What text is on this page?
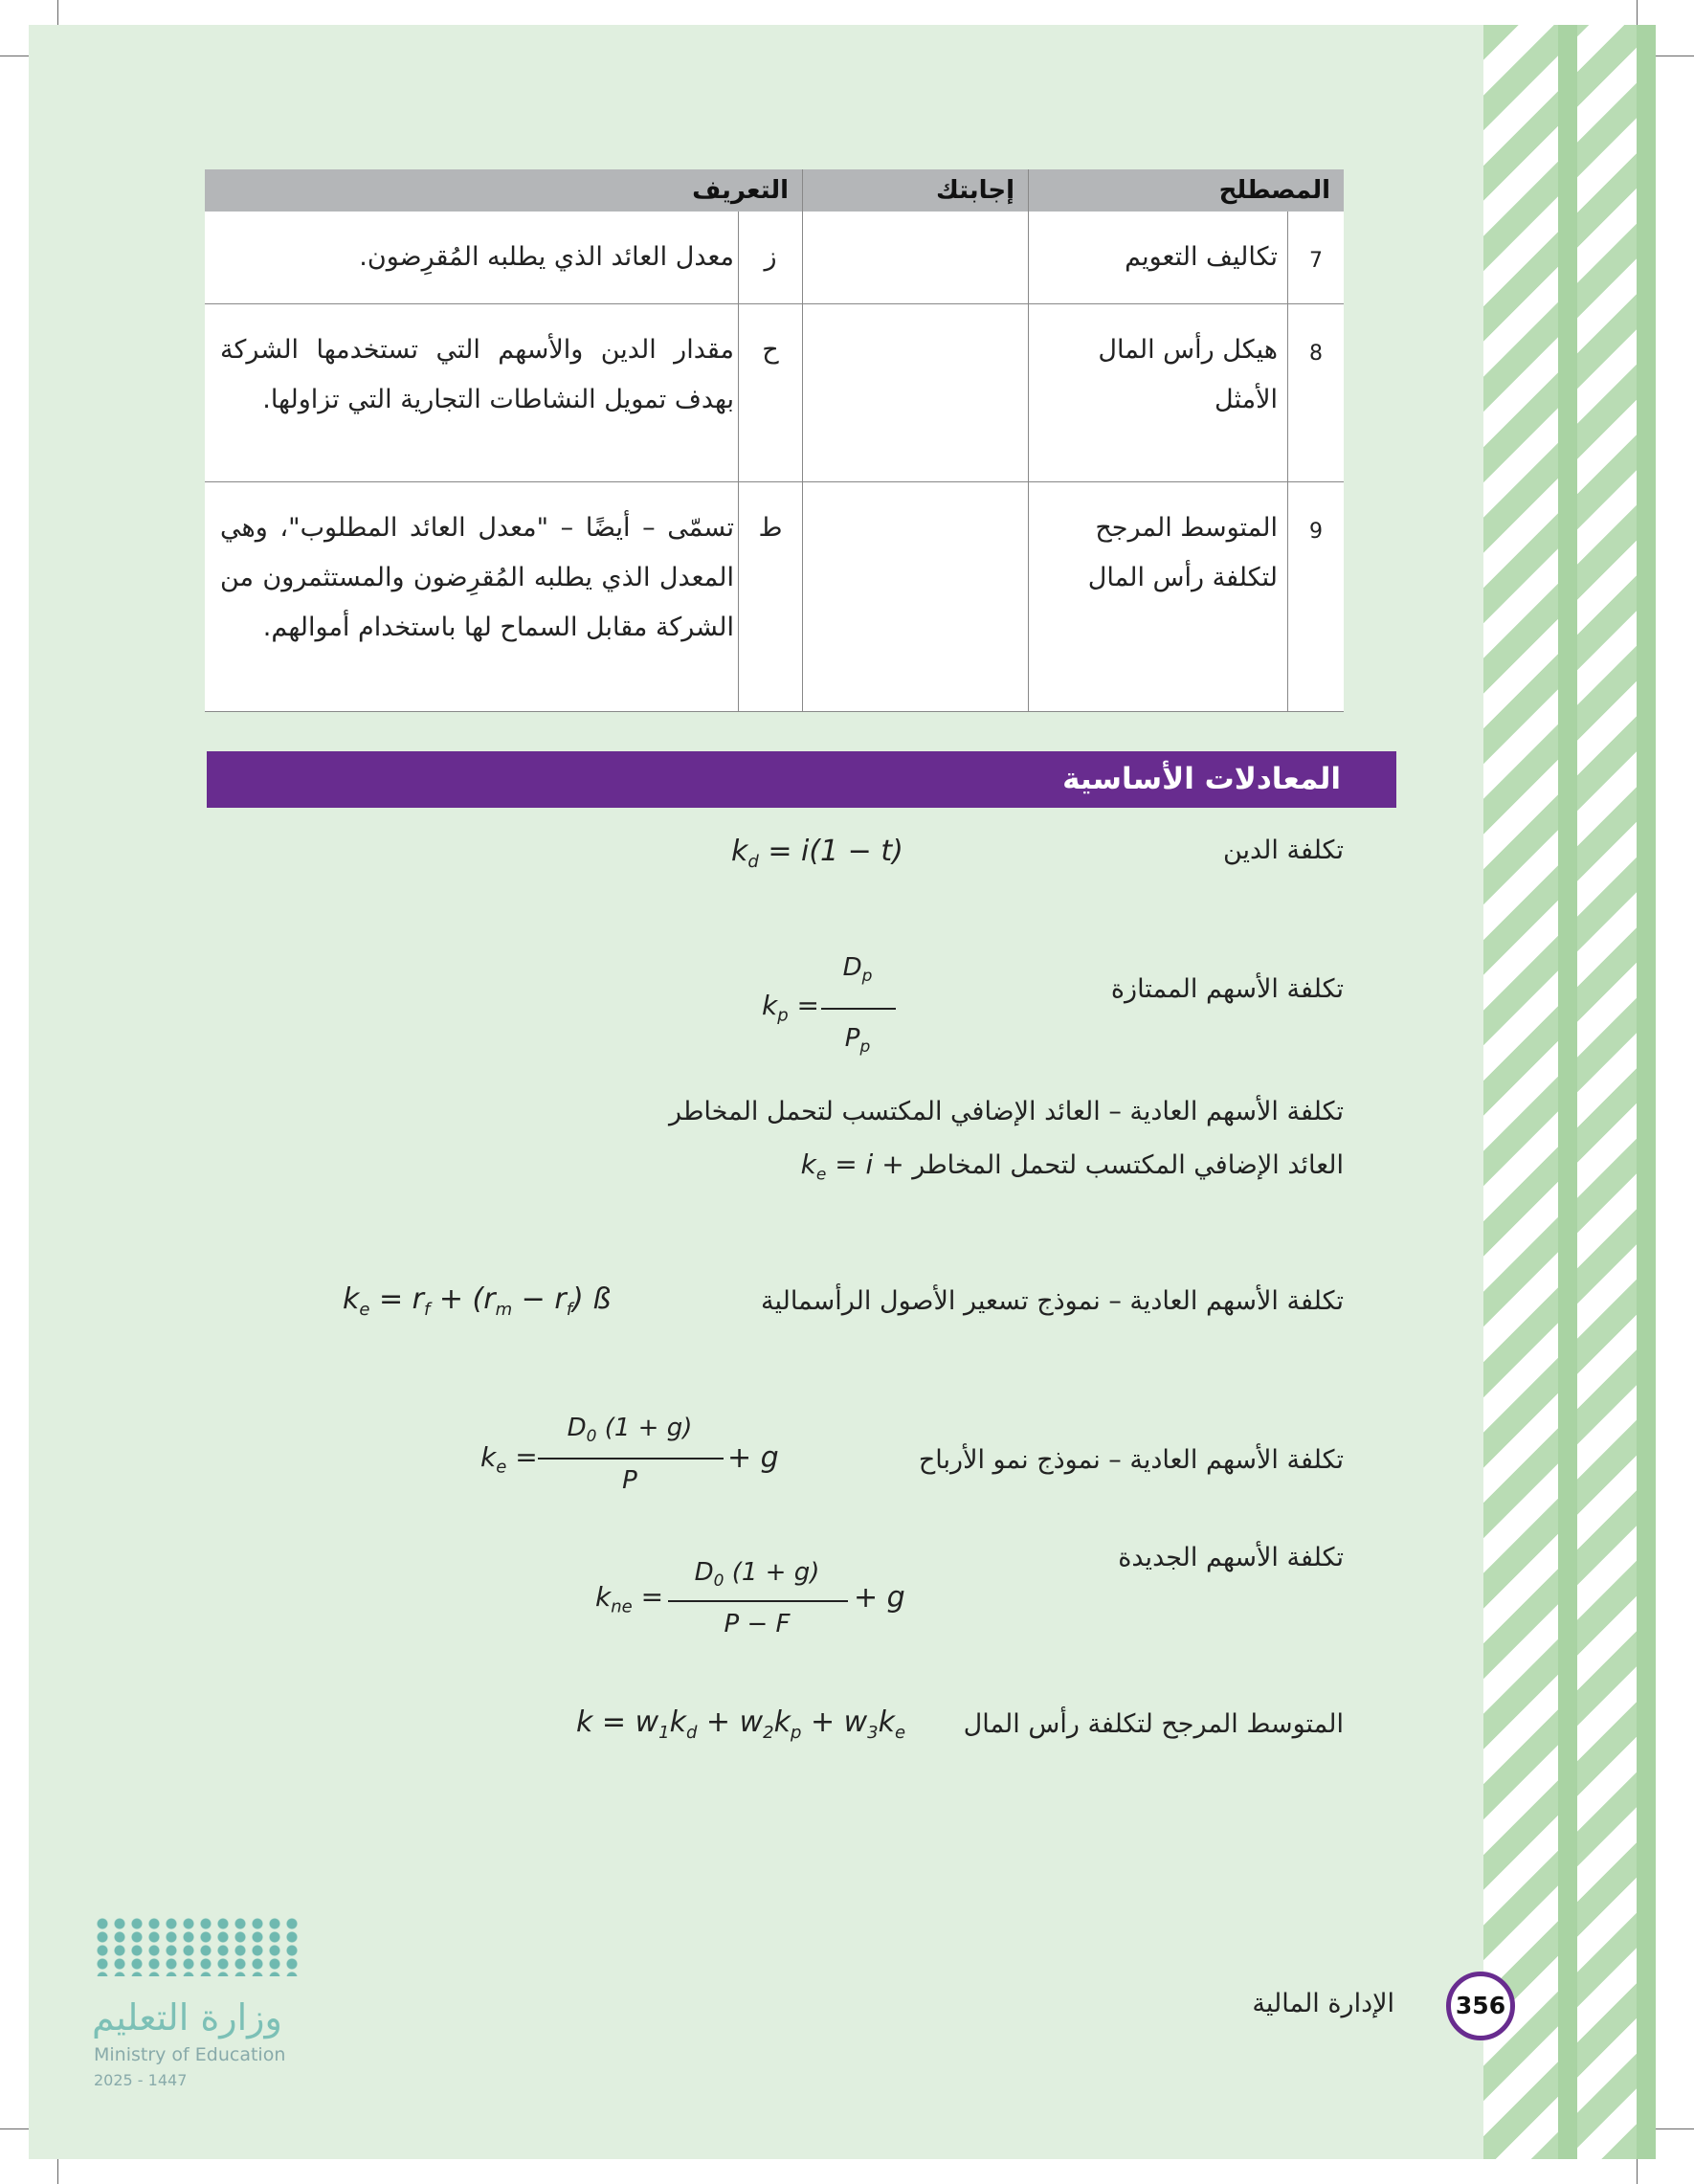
المصطلح		إجابتك	التعريف	
7	تكاليف التعويم		ز	معدل العائد الذي يطلبه المُقرِضون.
8	هيكل رأس المال الأمثل		ح	مقدار الدين والأسهم التي تستخدمها الشركة بهدف تمويل النشاطات التجارية التي تزاولها.
9	المتوسط المرجح لتكلفة رأس المال		ط	تسمّى – أيضًا – "معدل العائد المطلوب"، وهي المعدل الذي يطلبه المُقرِضون والمستثمرون من الشركة مقابل السماح لها باستخدام أموالهم.
المعادلات الأساسية
تكلفة الدين
$k_d = i(1 - t)$
تكلفة الأسهم الممتازة
$k_p$ =
$D_p$
$P_p$
تكلفة الأسهم العادية – العائد الإضافي المكتسب لتحمل المخاطر
العائد الإضافي المكتسب لتحمل المخاطر $k_e = i$ +
تكلفة الأسهم العادية – نموذج تسعير الأصول الرأسمالية
$k_e = r_f + (r_m - r_f)$ ß
تكلفة الأسهم العادية – نموذج نمو الأرباح
$k_e$ =
$D_0$ (1 + g)
P
+ g
تكلفة الأسهم الجديدة
$k_{ne}$ =
$D_0$ (1 + g)
P − F
+ g
المتوسط المرجح لتكلفة رأس المال
$k = w_1k_d + w_2k_p + w_3k_e$
وزارة التعليم
Ministry of Education
2025 - 1447
356
الإدارة المالية
